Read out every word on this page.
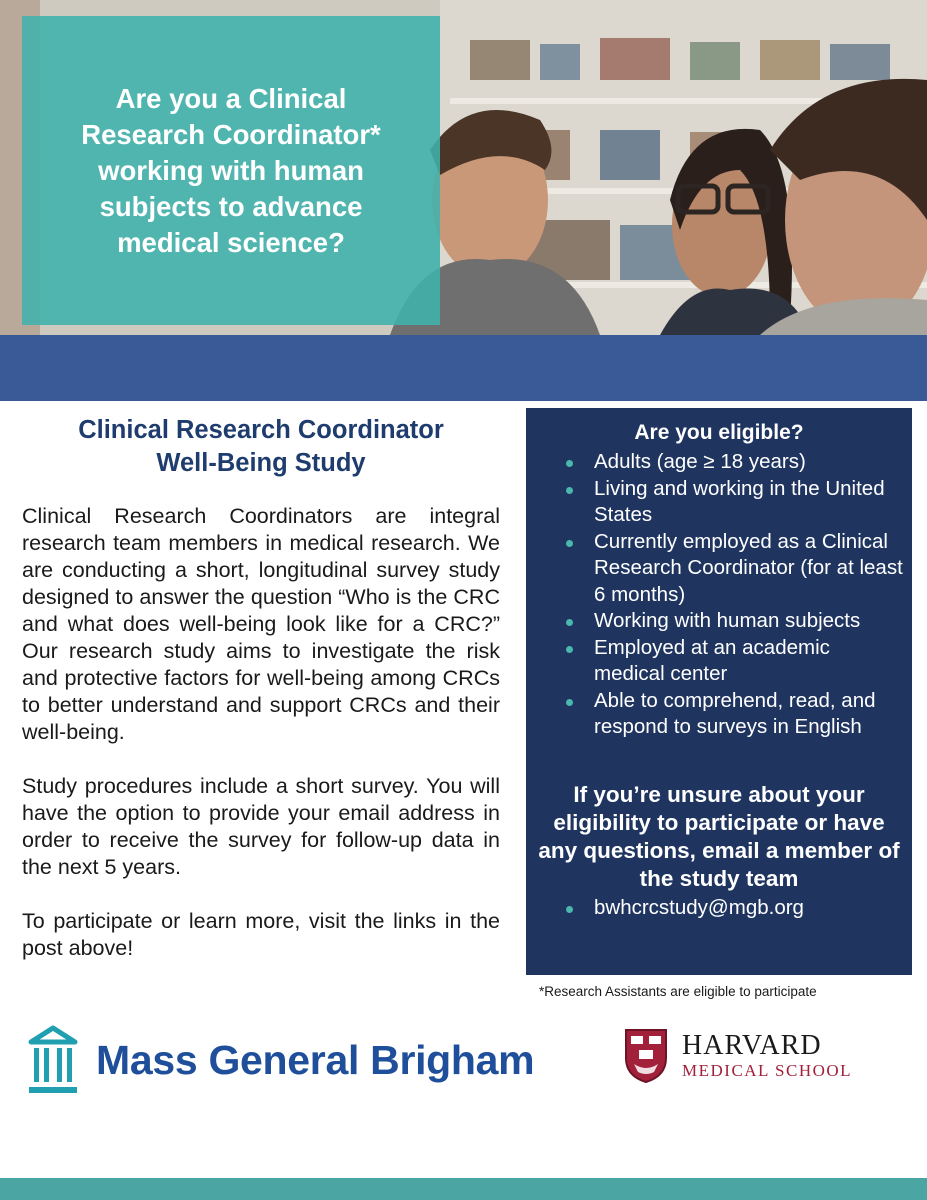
Are you a Clinical Research Coordinator* working with human subjects to advance medical science?
Clinical Research Coordinator
Well-Being Study

Clinical Research Coordinators are integral research team members in medical research. We are conducting a short, longitudinal survey study designed to answer the question “Who is the CRC and what does well-being look like for a CRC?” Our research study aims to investigate the risk and protective factors for well-being among CRCs to better understand and support CRCs and their well-being.

Study procedures include a short survey. You will have the option to provide your email address in order to receive the survey for follow-up data in the next 5 years.

To participate or learn more, visit the links in the post above!

Are you eligible?
Adults (age ≥ 18 years)
Living and working in the United States
Currently employed as a Clinical Research Coordinator (for at least 6 months)
Working with human subjects
Employed at an academic medical center
Able to comprehend, read, and respond to surveys in English

If you’re unsure about your eligibility to participate or have any questions, email a member of the study team

bwhcrcstudy@mgb.org
*Research Assistants are eligible to participate
Mass General Brigham	HARVARD
MEDICAL SCHOOL
